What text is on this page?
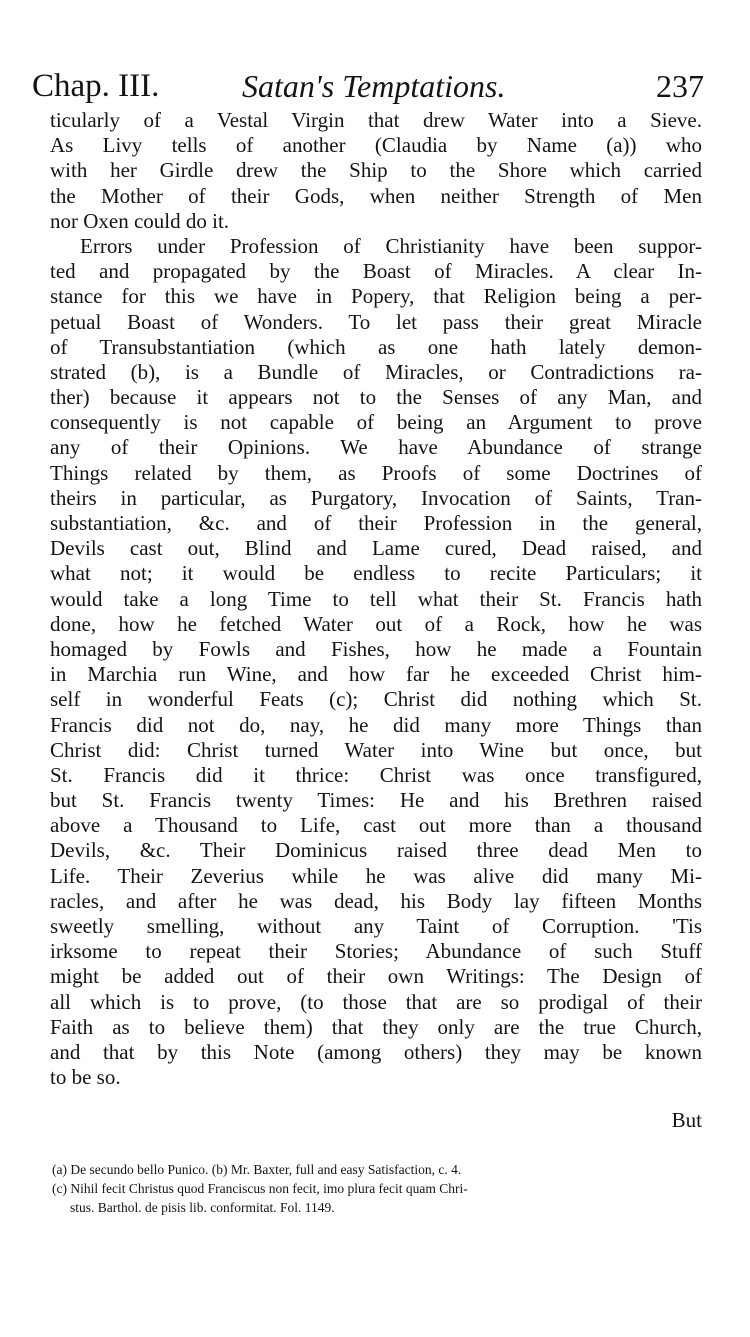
Chap. III.	Satan's Temptations.	237
ticularly of a Vestal Virgin that drew Water into a Sieve.
As Livy tells of another (Claudia by Name (a)) who
with her Girdle drew the Ship to the Shore which carried
the Mother of their Gods, when neither Strength of Men
nor Oxen could do it.
Errors under Profession of Christianity have been suppor-
ted and propagated by the Boast of Miracles. A clear In-
stance for this we have in Popery, that Religion being a per-
petual Boast of Wonders. To let pass their great Miracle
of Transubstantiation (which as one hath lately demon-
strated (b), is a Bundle of Miracles, or Contradictions ra-
ther) because it appears not to the Senses of any Man, and
consequently is not capable of being an Argument to prove
any of their Opinions. We have Abundance of strange
Things related by them, as Proofs of some Doctrines of
theirs in particular, as Purgatory, Invocation of Saints, Tran-
substantiation, &c. and of their Profession in the general,
Devils cast out, Blind and Lame cured, Dead raised, and
what not; it would be endless to recite Particulars; it
would take a long Time to tell what their St. Francis hath
done, how he fetched Water out of a Rock, how he was
homaged by Fowls and Fishes, how he made a Fountain
in Marchia run Wine, and how far he exceeded Christ him-
self in wonderful Feats (c); Christ did nothing which St.
Francis did not do, nay, he did many more Things than
Christ did: Christ turned Water into Wine but once, but
St. Francis did it thrice: Christ was once transfigured,
but St. Francis twenty Times: He and his Brethren raised
above a Thousand to Life, cast out more than a thousand
Devils, &c. Their Dominicus raised three dead Men to
Life. Their Zeverius while he was alive did many Mi-
racles, and after he was dead, his Body lay fifteen Months
sweetly smelling, without any Taint of Corruption. 'Tis
irksome to repeat their Stories; Abundance of such Stuff
might be added out of their own Writings: The Design of
all which is to prove, (to those that are so prodigal of their
Faith as to believe them) that they only are the true Church,
and that by this Note (among others) they may be known
to be so.
But
(a) De secundo bello Punico. (b) Mr. Baxter, full and easy Satisfaction, c. 4.
(c) Nihil fecit Christus quod Franciscus non fecit, imo plura fecit quam Chri-
stus. Barthol. de pisis lib. conformitat. Fol. 1149.
